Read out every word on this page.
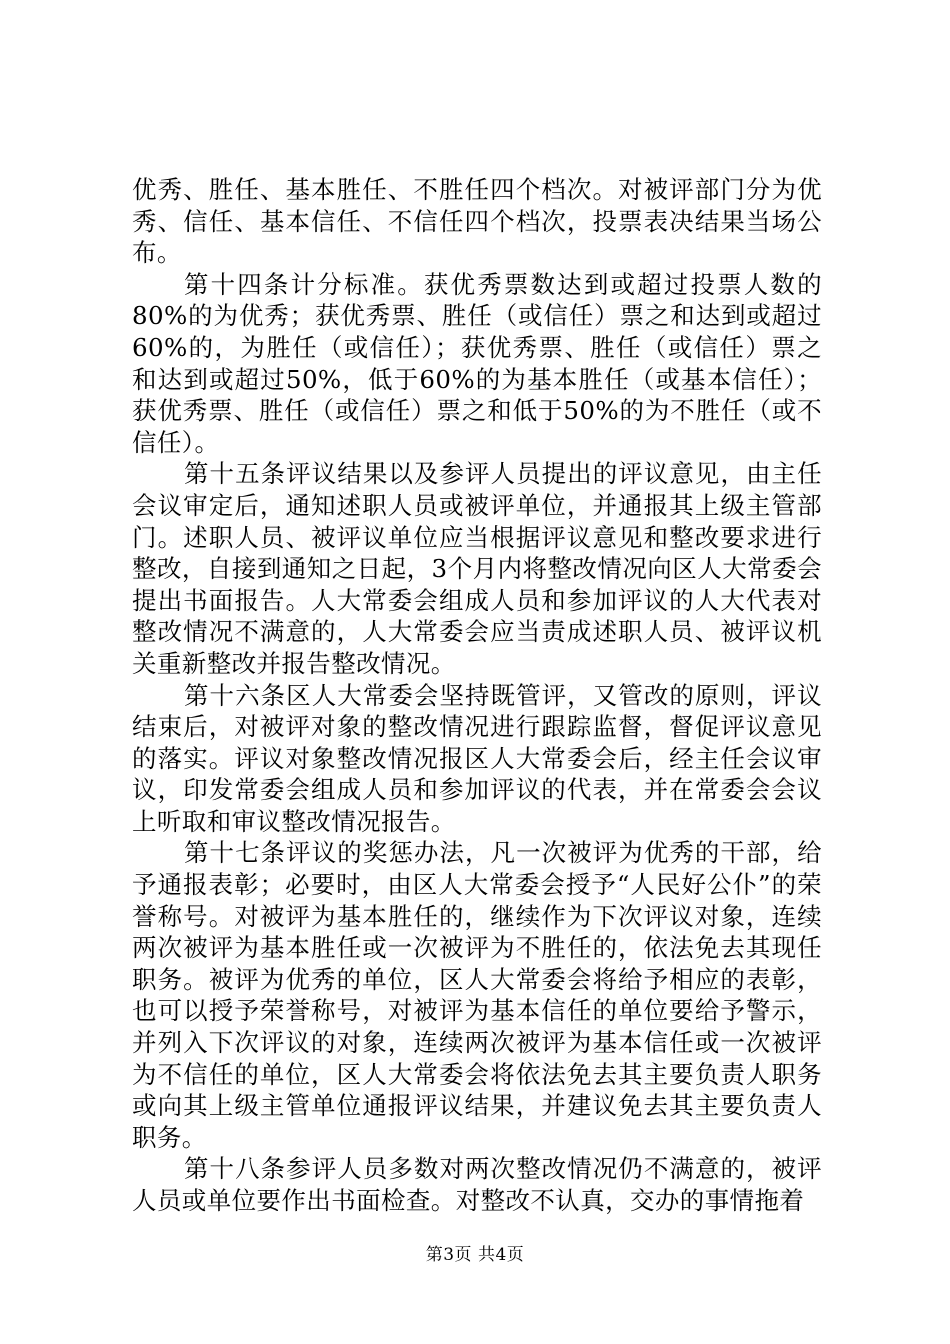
优秀、胜任、基本胜任、不胜任四个档次。对被评部门分为优秀、信任、基本信任、不信任四个档次，投票表决结果当场公布。

第十四条计分标准。获优秀票数达到或超过投票人数的80%的为优秀；获优秀票、胜任（或信任）票之和达到或超过60%的，为胜任（或信任）；获优秀票、胜任（或信任）票之和达到或超过50%，低于60%的为基本胜任（或基本信任）；获优秀票、胜任（或信任）票之和低于50%的为不胜任（或不信任）。

第十五条评议结果以及参评人员提出的评议意见，由主任会议审定后，通知述职人员或被评单位，并通报其上级主管部门。述职人员、被评议单位应当根据评议意见和整改要求进行整改，自接到通知之日起，3个月内将整改情况向区人大常委会提出书面报告。人大常委会组成人员和参加评议的人大代表对整改情况不满意的，人大常委会应当责成述职人员、被评议机关重新整改并报告整改情况。

第十六条区人大常委会坚持既管评，又管改的原则，评议结束后，对被评对象的整改情况进行跟踪监督，督促评议意见的落实。评议对象整改情况报区人大常委会后，经主任会议审议，印发常委会组成人员和参加评议的代表，并在常委会会议上听取和审议整改情况报告。

第十七条评议的奖惩办法，凡一次被评为优秀的干部，给予通报表彰；必要时，由区人大常委会授予“人民好公仆”的荣誉称号。对被评为基本胜任的，继续作为下次评议对象，连续两次被评为基本胜任或一次被评为不胜任的，依法免去其现任职务。被评为优秀的单位，区人大常委会将给予相应的表彰，也可以授予荣誉称号，对被评为基本信任的单位要给予警示，并列入下次评议的对象，连续两次被评为基本信任或一次被评为不信任的单位，区人大常委会将依法免去其主要负责人职务或向其上级主管单位通报评议结果，并建议免去其主要负责人职务。

第十八条参评人员多数对两次整改情况仍不满意的，被评人员或单位要作出书面检查。对整改不认真，交办的事情拖着

第3页 共4页
